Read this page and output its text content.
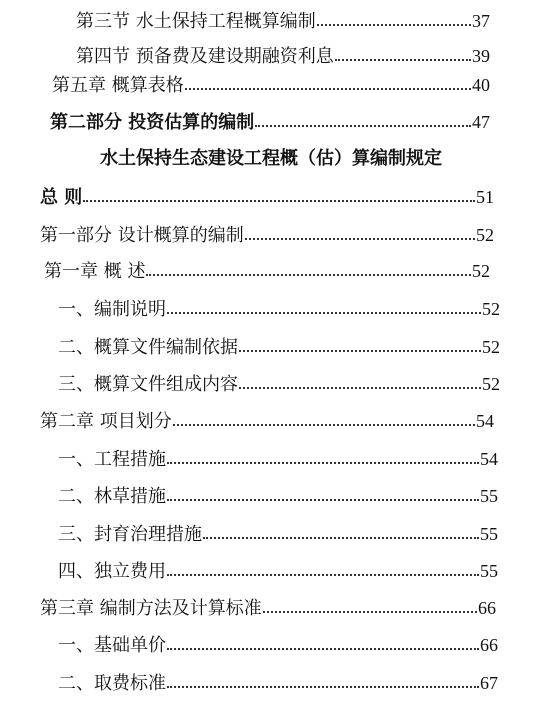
第三节 水土保持工程概算编制	37
第四节 预备费及建设期融资利息	39
第五章 概算表格	40
第二部分 投资估算的编制	47
水土保持生态建设工程概（估）算编制规定
总 则	51
第一部分 设计概算的编制	52
第一章 概 述	52
一、编制说明	52
二、概算文件编制依据	52
三、概算文件组成内容	52
第二章 项目划分	54
一、工程措施	54
二、林草措施	55
三、封育治理措施	55
四、独立费用	55
第三章 编制方法及计算标准	66
一、基础单价	66
二、取费标准	67
